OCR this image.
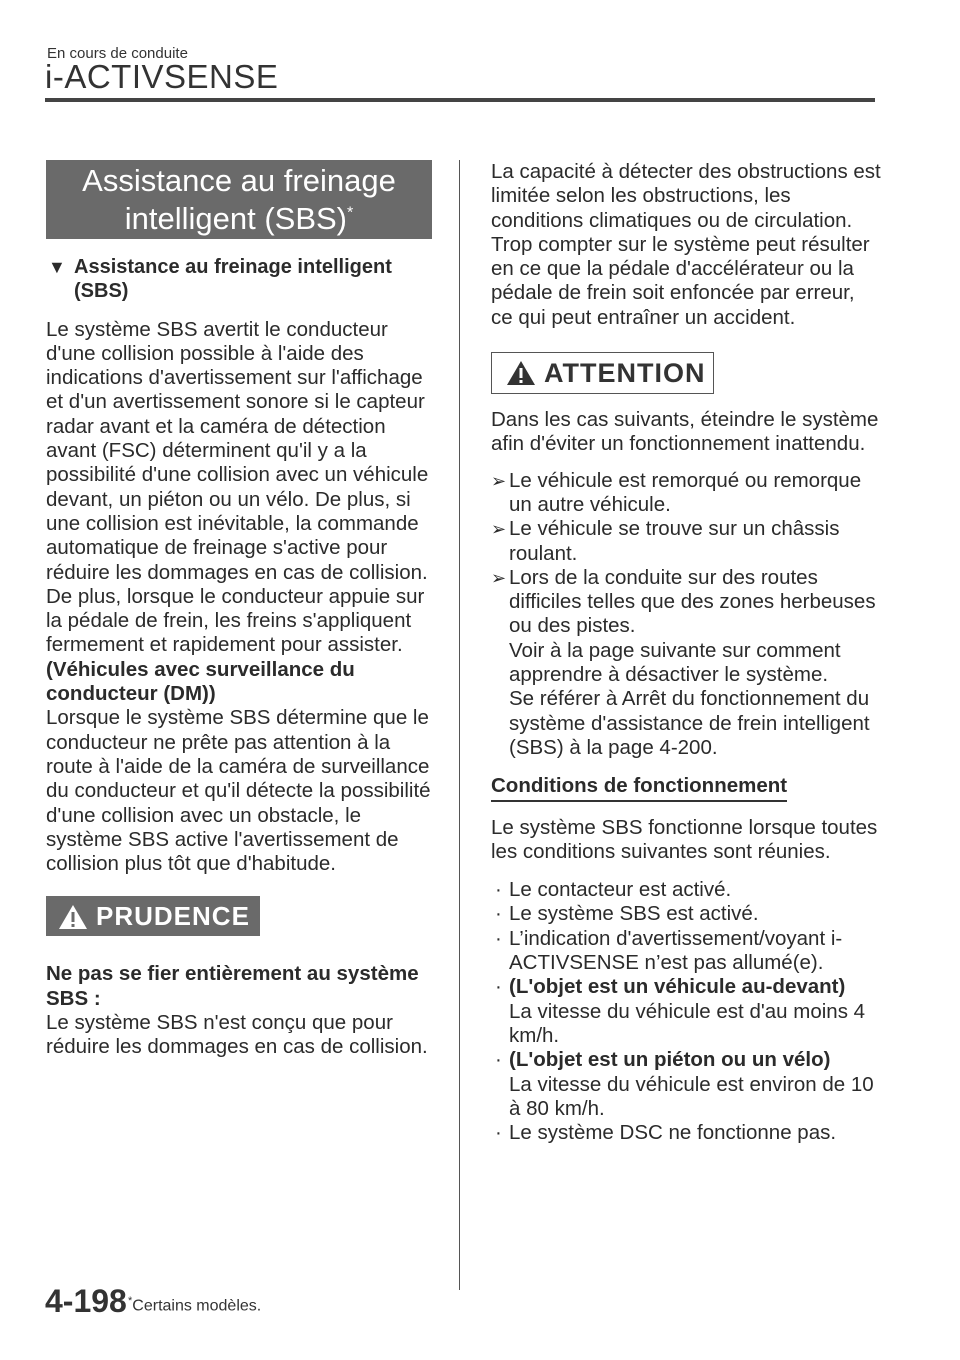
En cours de conduite
i-ACTIVSENSE
Assistance au freinage
intelligent (SBS)*
▼ Assistance au freinage intelligent (SBS)

Le système SBS avertit le conducteur d'une collision possible à l'aide des indications d'avertissement sur l'affichage et d'un avertissement sonore si le capteur radar avant et la caméra de détection avant (FSC) déterminent qu'il y a la possibilité d'une collision avec un véhicule devant, un piéton ou un vélo. De plus, si une collision est inévitable, la commande automatique de freinage s'active pour réduire les dommages en cas de collision. De plus, lorsque le conducteur appuie sur la pédale de frein, les freins s'appliquent fermement et rapidement pour assister.

(Véhicules avec surveillance du conducteur (DM))

Lorsque le système SBS détermine que le conducteur ne prête pas attention à la route à l'aide de la caméra de surveillance du conducteur et qu'il détecte la possibilité d'une collision avec un obstacle, le système SBS active l'avertissement de collision plus tôt que d'habitude.

PRUDENCE

Ne pas se fier entièrement au système SBS :

Le système SBS n'est conçu que pour réduire les dommages en cas de collision.

La capacité à détecter des obstructions est limitée selon les obstructions, les conditions climatiques ou de circulation. Trop compter sur le système peut résulter en ce que la pédale d'accélérateur ou la pédale de frein soit enfoncée par erreur, ce qui peut entraîner un accident.

ATTENTION

Dans les cas suivants, éteindre le système afin d'éviter un fonctionnement inattendu.

➢ Le véhicule est remorqué ou remorque un autre véhicule.
➢ Le véhicule se trouve sur un châssis roulant.
➢ Lors de la conduite sur des routes difficiles telles que des zones herbeuses ou des pistes.
Voir à la page suivante sur comment apprendre à désactiver le système.
Se référer à Arrêt du fonctionnement du système d'assistance de frein intelligent (SBS) à la page 4-200.
Conditions de fonctionnement

Le système SBS fonctionne lorsque toutes les conditions suivantes sont réunies.

· Le contacteur est activé.
· Le système SBS est activé.
· L’indication d'avertissement/voyant i-ACTIVSENSE n’est pas allumé(e).
· (L'objet est un véhicule au-devant)
La vitesse du véhicule est d'au moins 4 km/h.
· (L'objet est un piéton ou un vélo)
La vitesse du véhicule est environ de 10 à 80 km/h.
· Le système DSC ne fonctionne pas.
4-198 *Certains modèles.
